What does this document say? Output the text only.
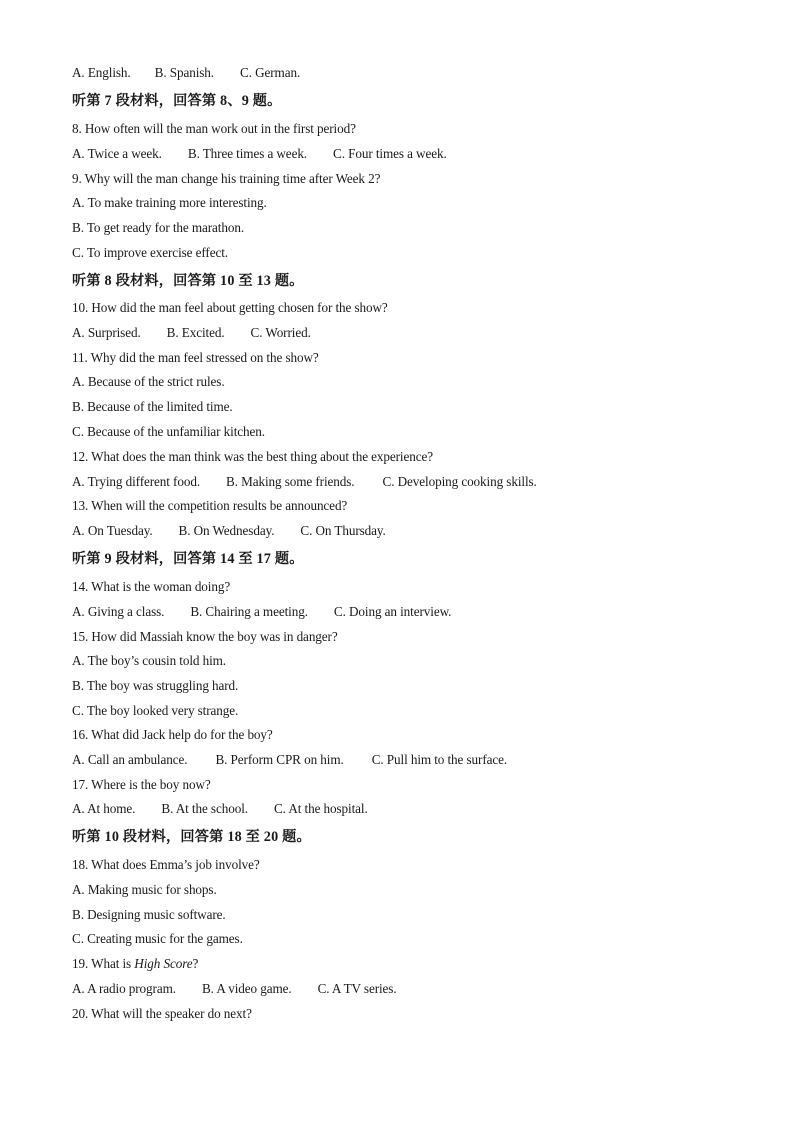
A. English. B. Spanish. C. German.
听第 7 段材料，回答第 8、9 题。
8. How often will the man work out in the first period?
A. Twice a week. B. Three times a week. C. Four times a week.
9. Why will the man change his training time after Week 2?
A. To make training more interesting.
B. To get ready for the marathon.
C. To improve exercise effect.
听第 8 段材料，回答第 10 至 13 题。
10. How did the man feel about getting chosen for the show?
A. Surprised. B. Excited. C. Worried.
11. Why did the man feel stressed on the show?
A. Because of the strict rules.
B. Because of the limited time.
C. Because of the unfamiliar kitchen.
12. What does the man think was the best thing about the experience?
A. Trying different food. B. Making some friends. C. Developing cooking skills.
13. When will the competition results be announced?
A. On Tuesday. B. On Wednesday. C. On Thursday.
听第 9 段材料，回答第 14 至 17 题。
14. What is the woman doing?
A. Giving a class. B. Chairing a meeting. C. Doing an interview.
15. How did Massiah know the boy was in danger?
A. The boy’s cousin told him.
B. The boy was struggling hard.
C. The boy looked very strange.
16. What did Jack help do for the boy?
A. Call an ambulance. B. Perform CPR on him. C. Pull him to the surface.
17. Where is the boy now?
A. At home. B. At the school. C. At the hospital.
听第 10 段材料，回答第 18 至 20 题。
18. What does Emma’s job involve?
A. Making music for shops.
B. Designing music software.
C. Creating music for the games.
19. What is High Score?
A. A radio program. B. A video game. C. A TV series.
20. What will the speaker do next?
